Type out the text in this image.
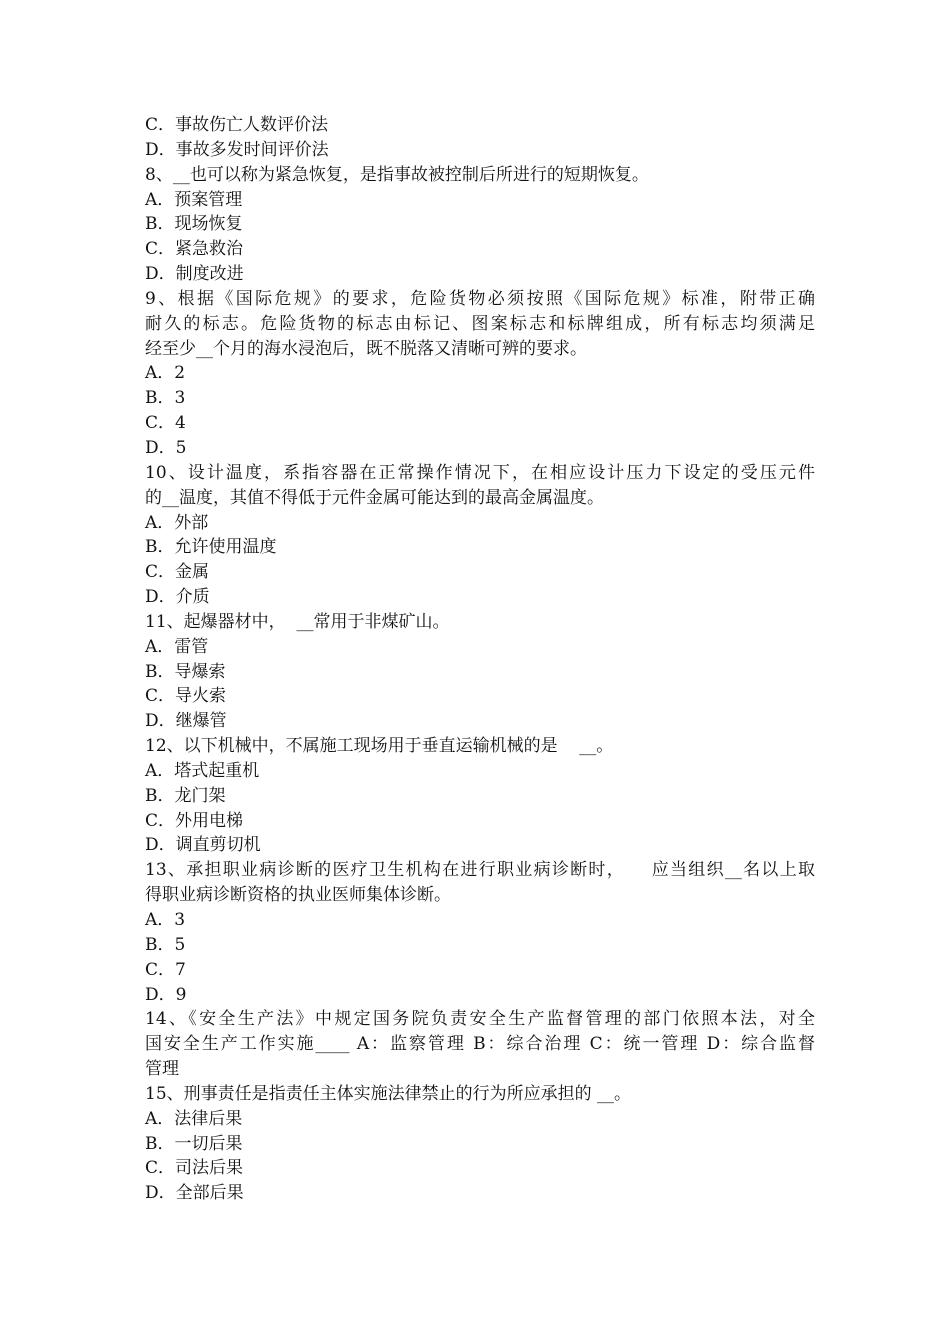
C．事故伤亡人数评价法
D．事故多发时间评价法
8、__也可以称为紧急恢复，是指事故被控制后所进行的短期恢复。
A．预案管理
B．现场恢复
C．紧急救治
D．制度改进
9、根据《国际危规》的要求，危险货物必须按照《国际危规》标准，附带正确
耐久的标志。危险货物的标志由标记、图案标志和标牌组成，所有标志均须满足
经至少__个月的海水浸泡后，既不脱落又清晰可辨的要求。
A．2
B．3
C．4
D．5
10、设计温度，系指容器在正常操作情况下，在相应设计压力下设定的受压元件
的__温度，其值不得低于元件金属可能达到的最高金属温度。
A．外部
B．允许使用温度
C．金属
D．介质
11、起爆器材中，  __常用于非煤矿山。
A．雷管
B．导爆索
C．导火索
D．继爆管
12、以下机械中，不属施工现场用于垂直运输机械的是    __。
A．塔式起重机
B．龙门架
C．外用电梯
D．调直剪切机
13、承担职业病诊断的医疗卫生机构在进行职业病诊断时，    应当组织__名以上取
得职业病诊断资格的执业医师集体诊断。
A．3
B．5
C．7
D．9
14、《安全生产法》中规定国务院负责安全生产监督管理的部门依照本法，对全
国安全生产工作实施____ A：监察管理 B：综合治理 C：统一管理 D：综合监督
管理
15、刑事责任是指责任主体实施法律禁止的行为所应承担的 __。
A．法律后果
B．一切后果
C．司法后果
D．全部后果
